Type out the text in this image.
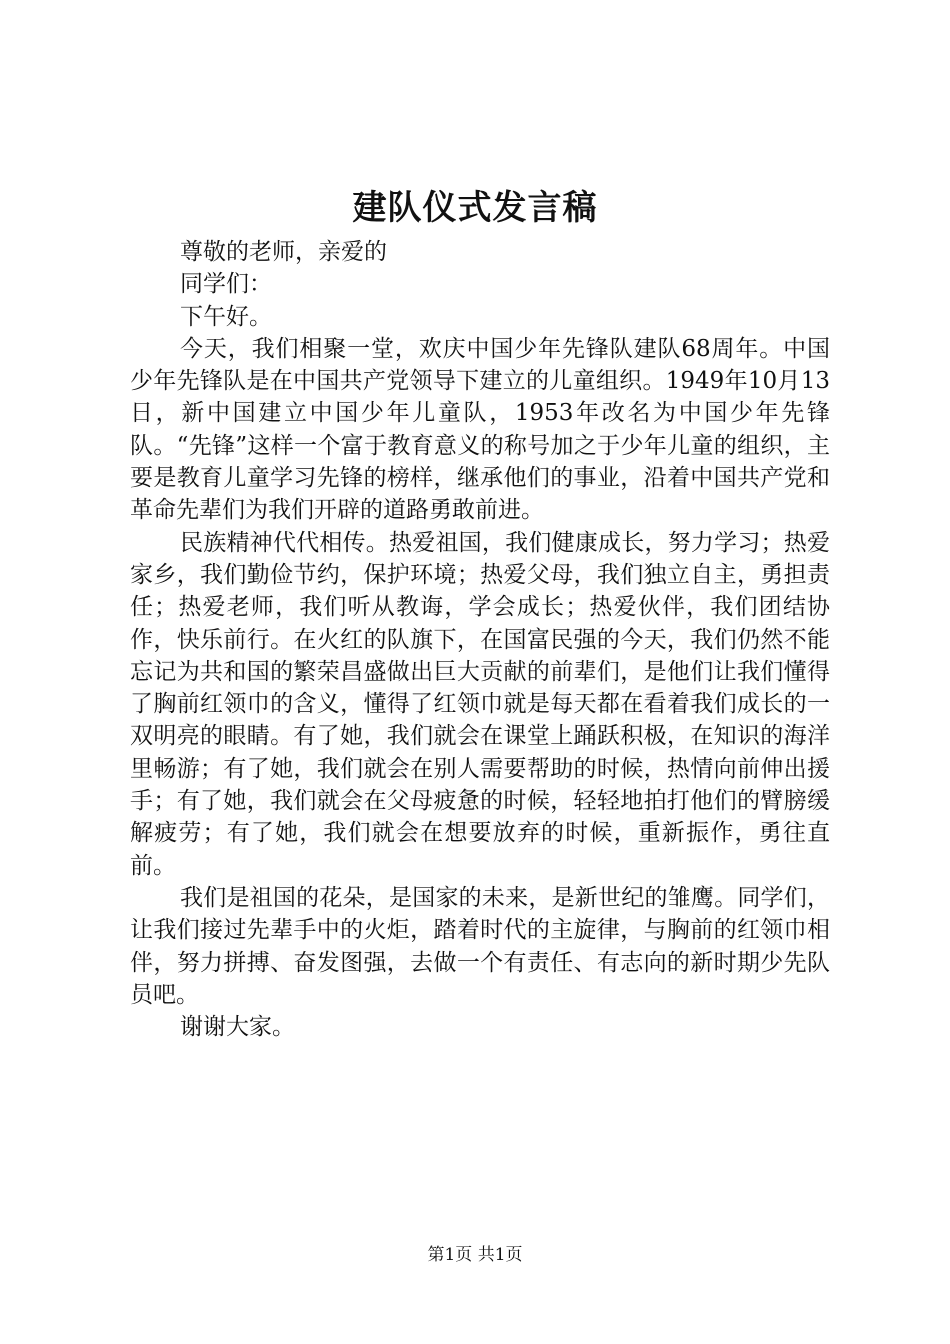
建队仪式发言稿

尊敬的老师，亲爱的

同学们：

下午好。

今天，我们相聚一堂，欢庆中国少年先锋队建队68周年。中国少年先锋队是在中国共产党领导下建立的儿童组织。1949年10月13日，新中国建立中国少年儿童队，1953年改名为中国少年先锋队。“先锋”这样一个富于教育意义的称号加之于少年儿童的组织，主要是教育儿童学习先锋的榜样，继承他们的事业，沿着中国共产党和革命先辈们为我们开辟的道路勇敢前进。

民族精神代代相传。热爱祖国，我们健康成长，努力学习；热爱家乡，我们勤俭节约，保护环境；热爱父母，我们独立自主，勇担责任；热爱老师，我们听从教诲，学会成长；热爱伙伴，我们团结协作，快乐前行。在火红的队旗下，在国富民强的今天，我们仍然不能忘记为共和国的繁荣昌盛做出巨大贡献的前辈们，是他们让我们懂得了胸前红领巾的含义，懂得了红领巾就是每天都在看着我们成长的一双明亮的眼睛。有了她，我们就会在课堂上踊跃积极，在知识的海洋里畅游；有了她，我们就会在别人需要帮助的时候，热情向前伸出援手；有了她，我们就会在父母疲惫的时候，轻轻地拍打他们的臂膀缓解疲劳；有了她，我们就会在想要放弃的时候，重新振作，勇往直前。

我们是祖国的花朵，是国家的未来，是新世纪的雏鹰。同学们，让我们接过先辈手中的火炬，踏着时代的主旋律，与胸前的红领巾相伴，努力拼搏、奋发图强，去做一个有责任、有志向的新时期少先队员吧。

谢谢大家。

第1页 共1页
